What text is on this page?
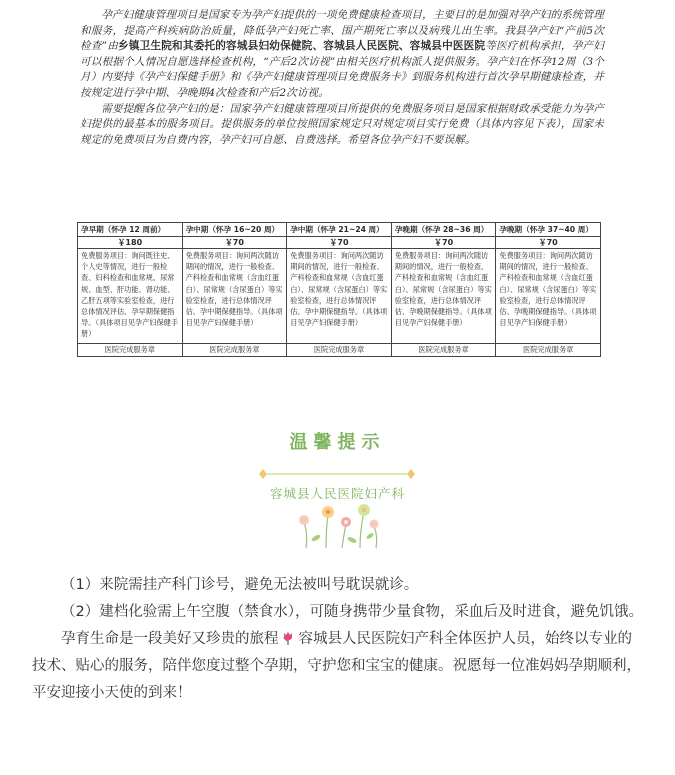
孕产妇健康管理项目是国家专为孕产妇提供的一项免费健康检查项目，主要目的是加强对孕产妇的系统管理和服务，提高产科疾病防治质量，降低孕产妇死亡率、围产期死亡率以及病残儿出生率。我县孕产妇“产前5次检查”由乡镇卫生院和其委托的容城县妇幼保健院、容城县人民医院、容城县中医医院等医疗机构承担，孕产妇可以根据个人情况自愿选择检查机构，“产后2次访视”由相关医疗机构派人提供服务。孕产妇在怀孕12周（3个月）内要持《孕产妇保健手册》和《孕产妇健康管理项目免费服务卡》到服务机构进行首次孕早期健康检查，并按规定进行孕中期、孕晚期4次检查和产后2次访视。

需要提醒各位孕产妇的是：国家孕产妇健康管理项目所提供的免费服务项目是国家根据财政承受能力为孕产妇提供的最基本的服务项目。提供服务的单位按照国家规定只对规定项目实行免费（具体内容见下表），国家未规定的免费项目为自费内容，孕产妇可自愿、自费选择。希望各位孕产妇不要误解。

孕早期（怀孕 12 周前）	孕中期（怀孕 16~20 周）	孕中期（怀孕 21~24 周）	孕晚期（怀孕 28~36 周）	孕晚期（怀孕 37~40 周）
￥180	￥70	￥70	￥70	￥70
免费服务项目：询问既往史、个人史等情况，进行一般检查、妇科检查和血常规、尿常规、血型、肝功能、肾功能、乙肝五项等实验室检查，进行总体情况评估、孕早期保健指导。（具体项目见孕产妇保健手册）	免费服务项目：询问两次随访期间的情况，进行一般检查、产科检查和血常规（含血红蛋白）、尿常规（含尿蛋白）等实验室检查，进行总体情况评估、孕中期保健指导。（具体项目见孕产妇保健手册）	免费服务项目：询问两次随访期间的情况，进行一般检查、产科检查和血常规（含血红蛋白）、尿常规（含尿蛋白）等实验室检查，进行总体情况评估、孕中期保健指导。（具体项目见孕产妇保健手册）	免费服务项目：询问两次随访期间的情况，进行一般检查、产科检查和血常规（含血红蛋白）、尿常规（含尿蛋白）等实验室检查，进行总体情况评估、孕晚期保健指导。（具体项目见孕产妇保健手册）	免费服务项目：询问两次随访期间的情况，进行一般检查、产科检查和血常规（含血红蛋白）、尿常规（含尿蛋白）等实验室检查，进行总体情况评估、孕晚期保健指导。（具体项目见孕产妇保健手册）
医院完成服务章	医院完成服务章	医院完成服务章	医院完成服务章	医院完成服务章
温馨提示
容城县人民医院妇产科

（1）来院需挂产科门诊号，避免无法被叫号耽误就诊。

（2）建档化验需上午空腹（禁食水），可随身携带少量食物，采血后及时进食，避免饥饿。

孕育生命是一段美好又珍贵的旅程 容城县人民医院妇产科全体医护人员，始终以专业的技术、贴心的服务，陪伴您度过整个孕期，守护您和宝宝的健康。祝愿每一位准妈妈孕期顺利，平安迎接小天使的到来！
